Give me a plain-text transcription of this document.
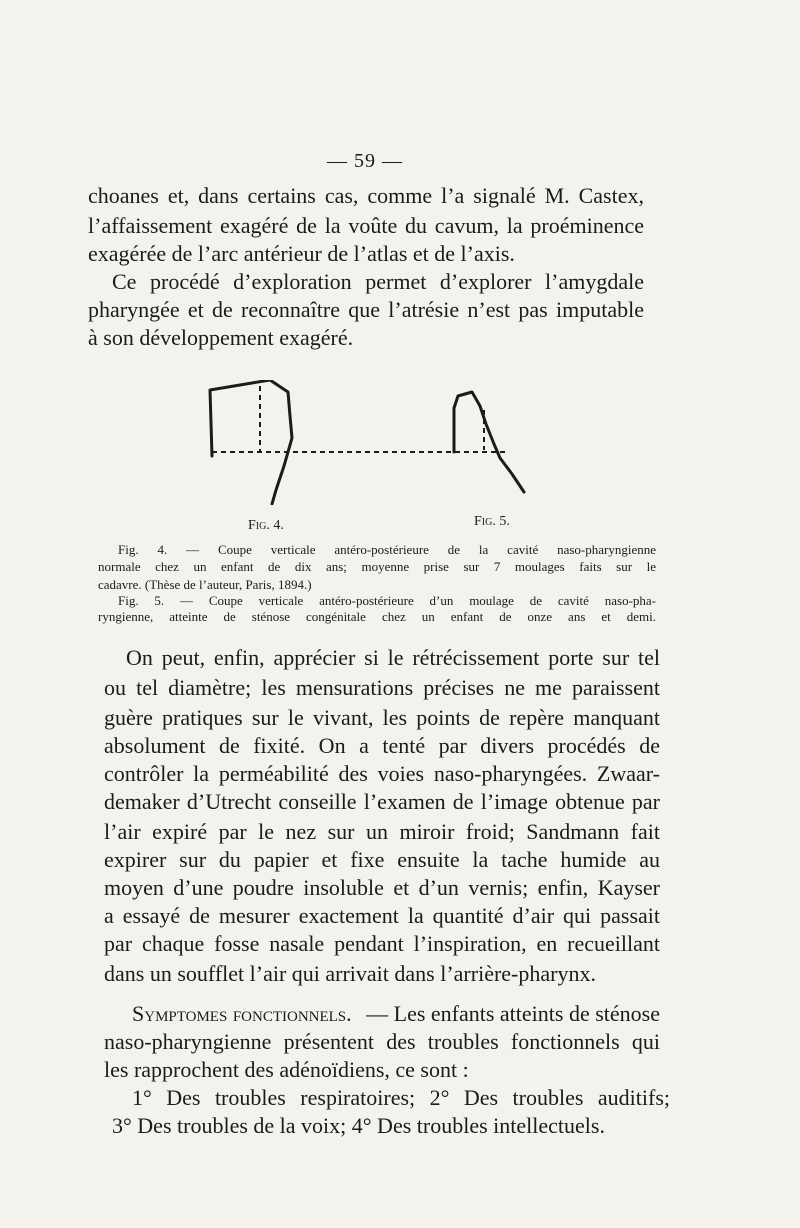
— 59 —
choanes et, dans certains cas, comme l’a signalé M. Castex,
l’affaissement exagéré de la voûte du cavum, la proéminence
exagérée de l’arc antérieur de l’atlas et de l’axis.
Ce procédé d’exploration permet d’explorer l’amygdale
pharyngée et de reconnaître que l’atrésie n’est pas imputable
à son développement exagéré.
Fig. 4.	Fig. 5.
Fig. 4. — Coupe verticale antéro-postérieure de la cavité naso-pharyngienne
normale chez un enfant de dix ans; moyenne prise sur 7 moulages faits sur le
cadavre. (Thèse de l’auteur, Paris, 1894.)
Fig. 5. — Coupe verticale antéro-postérieure d’un moulage de cavité naso-pha-
ryngienne, atteinte de sténose congénitale chez un enfant de onze ans et demi.
On peut, enfin, apprécier si le rétrécissement porte sur tel
ou tel diamètre; les mensurations précises ne me paraissent
guère pratiques sur le vivant, les points de repère manquant
absolument de fixité. On a tenté par divers procédés de
contrôler la perméabilité des voies naso-pharyngées. Zwaar-
demaker d’Utrecht conseille l’examen de l’image obtenue par
l’air expiré par le nez sur un miroir froid; Sandmann fait
expirer sur du papier et fixe ensuite la tache humide au
moyen d’une poudre insoluble et d’un vernis; enfin, Kayser
a essayé de mesurer exactement la quantité d’air qui passait
par chaque fosse nasale pendant l’inspiration, en recueillant
dans un soufflet l’air qui arrivait dans l’arrière-pharynx.
Symptomes fonctionnels. — Les enfants atteints de sténose
naso-pharyngienne présentent des troubles fonctionnels qui
les rapprochent des adénoïdiens, ce sont :
1° Des troubles respiratoires; 2° Des troubles auditifs;
3° Des troubles de la voix; 4° Des troubles intellectuels.
